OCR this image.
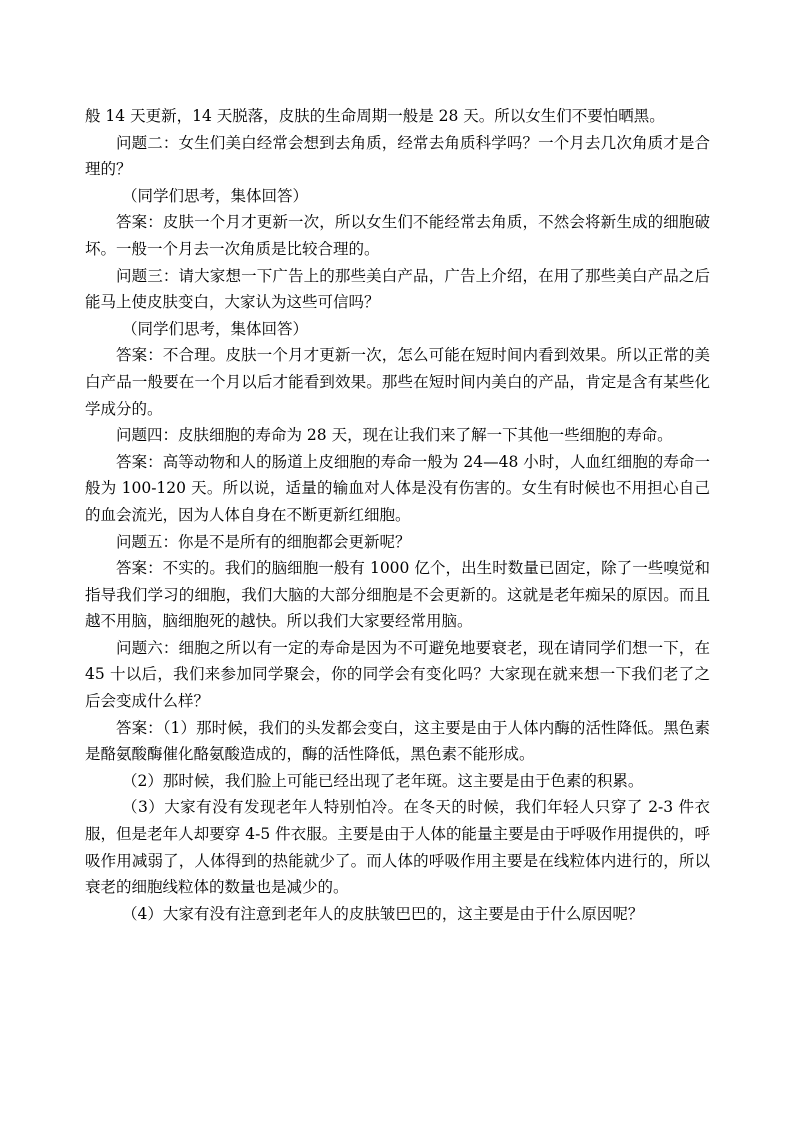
般 14 天更新，14 天脱落，皮肤的生命周期一般是 28 天。所以女生们不要怕晒黑。

问题二：女生们美白经常会想到去角质，经常去角质科学吗？一个月去几次角质才是合理的？

（同学们思考，集体回答）

答案：皮肤一个月才更新一次，所以女生们不能经常去角质，不然会将新生成的细胞破坏。一般一个月去一次角质是比较合理的。

问题三：请大家想一下广告上的那些美白产品，广告上介绍，在用了那些美白产品之后能马上使皮肤变白，大家认为这些可信吗？

（同学们思考，集体回答）

答案：不合理。皮肤一个月才更新一次，怎么可能在短时间内看到效果。所以正常的美白产品一般要在一个月以后才能看到效果。那些在短时间内美白的产品，肯定是含有某些化学成分的。

问题四：皮肤细胞的寿命为 28 天，现在让我们来了解一下其他一些细胞的寿命。

答案：高等动物和人的肠道上皮细胞的寿命一般为 24—48 小时，人血红细胞的寿命一般为 100-120 天。所以说，适量的输血对人体是没有伤害的。女生有时候也不用担心自己的血会流光，因为人体自身在不断更新红细胞。

问题五：你是不是所有的细胞都会更新呢？

答案：不实的。我们的脑细胞一般有 1000 亿个，出生时数量已固定，除了一些嗅觉和指导我们学习的细胞，我们大脑的大部分细胞是不会更新的。这就是老年痴呆的原因。而且越不用脑，脑细胞死的越快。所以我们大家要经常用脑。

问题六：细胞之所以有一定的寿命是因为不可避免地要衰老，现在请同学们想一下，在 45 十以后，我们来参加同学聚会，你的同学会有变化吗？大家现在就来想一下我们老了之后会变成什么样？

答案：（1）那时候，我们的头发都会变白，这主要是由于人体内酶的活性降低。黑色素是酪氨酸酶催化酪氨酸造成的，酶的活性降低，黑色素不能形成。

（2）那时候，我们脸上可能已经出现了老年斑。这主要是由于色素的积累。

（3）大家有没有发现老年人特别怕冷。在冬天的时候，我们年轻人只穿了 2-3 件衣服，但是老年人却要穿 4-5 件衣服。主要是由于人体的能量主要是由于呼吸作用提供的，呼吸作用减弱了，人体得到的热能就少了。而人体的呼吸作用主要是在线粒体内进行的，所以衰老的细胞线粒体的数量也是减少的。

（4）大家有没有注意到老年人的皮肤皱巴巴的，这主要是由于什么原因呢？
